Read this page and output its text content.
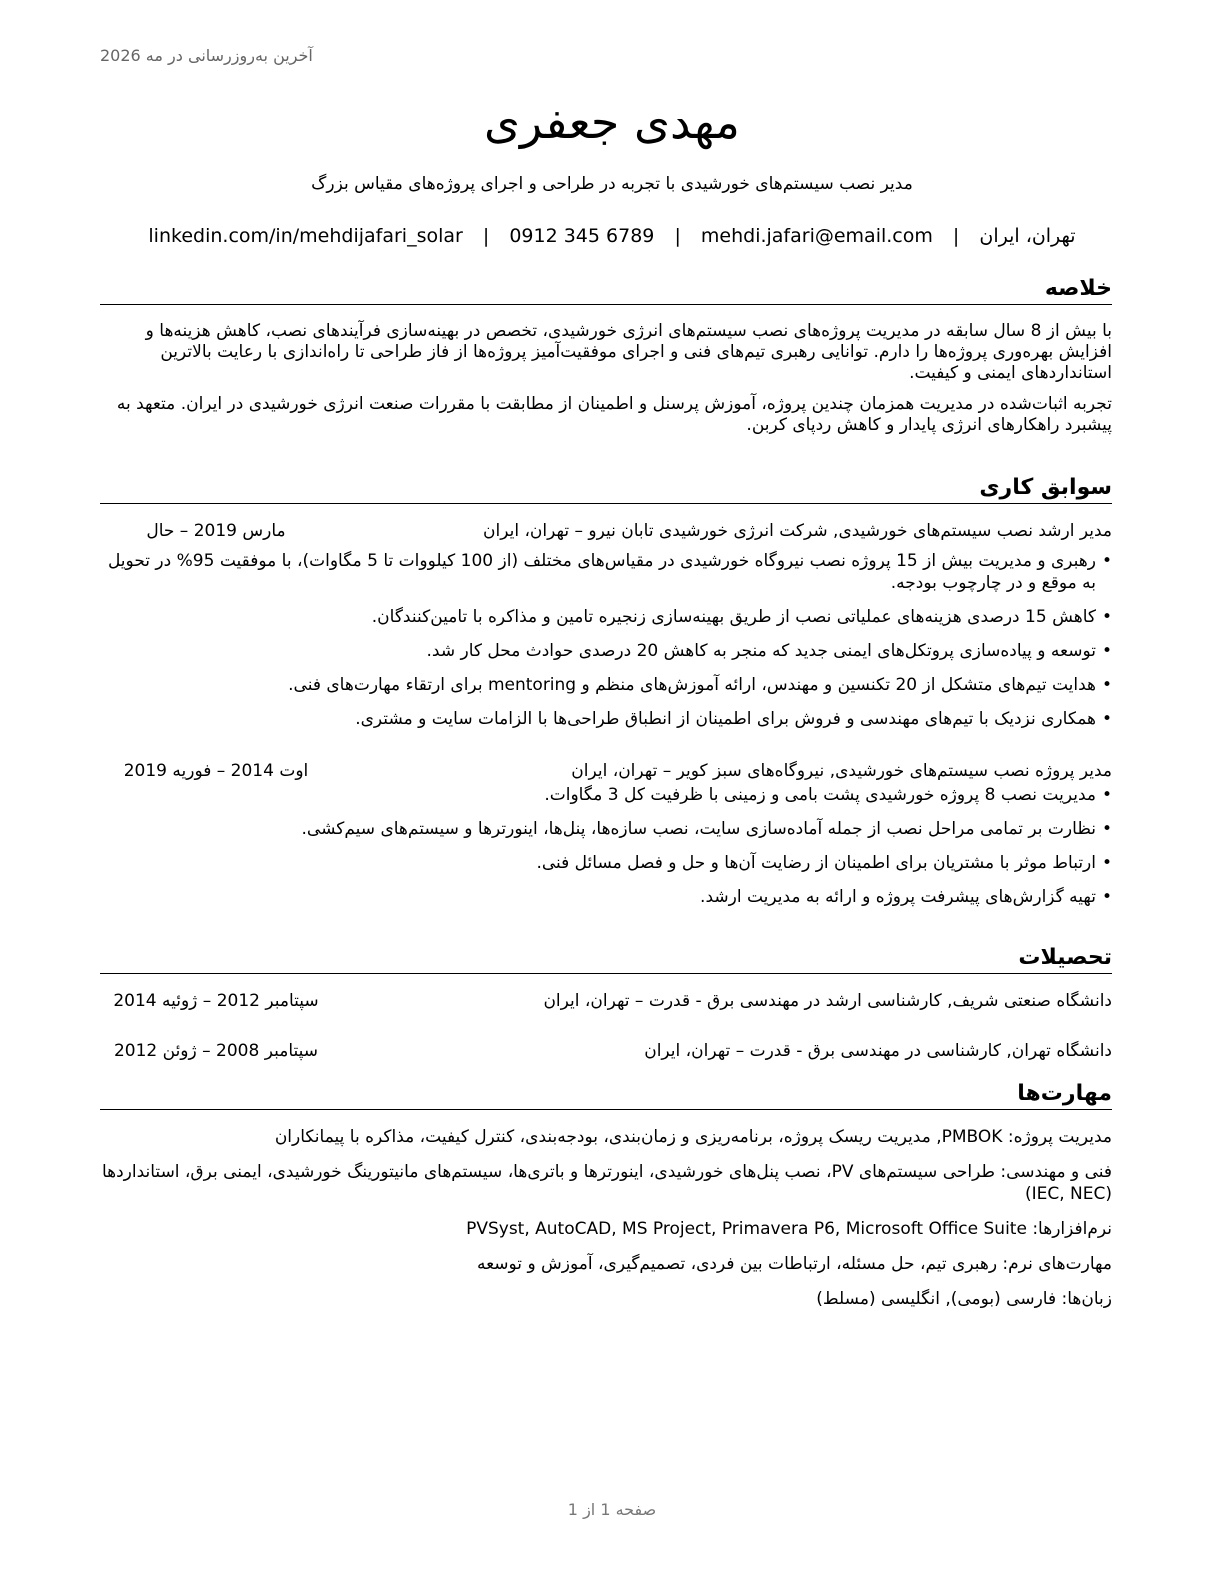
آخرین به‌روزرسانی در مه 2026
مهدی جعفری
مدیر نصب سیستم‌های خورشیدی با تجربه در طراحی و اجرای پروژه‌های مقیاس بزرگ
تهران، ایران | mehdi.jafari@email.com | 0912 345 6789 | linkedin.com/in/mehdijafari_solar
خلاصه

با بیش از 8 سال سابقه در مدیریت پروژه‌های نصب سیستم‌های انرژی خورشیدی، تخصص در بهینه‌سازی فرآیندهای نصب، کاهش هزینه‌ها و افزایش بهره‌وری پروژه‌ها را دارم. توانایی رهبری تیم‌های فنی و اجرای موفقیت‌آمیز پروژه‌ها از فاز طراحی تا راه‌اندازی با رعایت بالاترین استانداردهای ایمنی و کیفیت.

تجربه اثبات‌شده در مدیریت همزمان چندین پروژه، آموزش پرسنل و اطمینان از مطابقت با مقررات صنعت انرژی خورشیدی در ایران. متعهد به پیشبرد راهکارهای انرژی پایدار و کاهش ردپای کربن.

سوابق کاری
مدیر ارشد نصب سیستم‌های خورشیدی, شرکت انرژی خورشیدی تابان نیرو – تهران، ایران
مارس 2019 – حال
•
رهبری و مدیریت بیش از 15 پروژه نصب نیروگاه خورشیدی در مقیاس‌های مختلف (از 100 کیلووات تا 5 مگاوات)، با موفقیت 95% در تحویل به موقع و در چارچوب بودجه.
•
کاهش 15 درصدی هزینه‌های عملیاتی نصب از طریق بهینه‌سازی زنجیره تامین و مذاکره با تامین‌کنندگان.
•
توسعه و پیاده‌سازی پروتکل‌های ایمنی جدید که منجر به کاهش 20 درصدی حوادث محل کار شد.
•
هدایت تیم‌های متشکل از 20 تکنسین و مهندس، ارائه آموزش‌های منظم و mentoring برای ارتقاء مهارت‌های فنی.
•
همکاری نزدیک با تیم‌های مهندسی و فروش برای اطمینان از انطباق طراحی‌ها با الزامات سایت و مشتری.
مدیر پروژه نصب سیستم‌های خورشیدی, نیروگاه‌های سبز کویر – تهران، ایران
اوت 2014 – فوریه 2019
•
مدیریت نصب 8 پروژه خورشیدی پشت بامی و زمینی با ظرفیت کل 3 مگاوات.
•
نظارت بر تمامی مراحل نصب از جمله آماده‌سازی سایت، نصب سازه‌ها، پنل‌ها، اینورترها و سیستم‌های سیم‌کشی.
•
ارتباط موثر با مشتریان برای اطمینان از رضایت آن‌ها و حل و فصل مسائل فنی.
•
تهیه گزارش‌های پیشرفت پروژه و ارائه به مدیریت ارشد.
تحصیلات
دانشگاه صنعتی شریف, کارشناسی ارشد در مهندسی برق - قدرت – تهران، ایران
سپتامبر 2012 – ژوئیه 2014
دانشگاه تهران, کارشناسی در مهندسی برق - قدرت – تهران، ایران
سپتامبر 2008 – ژوئن 2012
مهارت‌ها
مدیریت پروژه: PMBOK, مدیریت ریسک پروژه، برنامه‌ریزی و زمان‌بندی، بودجه‌بندی، کنترل کیفیت، مذاکره با پیمانکاران
فنی و مهندسی: طراحی سیستم‌های PV، نصب پنل‌های خورشیدی، اینورترها و باتری‌ها، سیستم‌های مانیتورینگ خورشیدی، ایمنی برق، استانداردها (IEC, NEC)
نرم‌افزارها: PVSyst, AutoCAD, MS Project, Primavera P6, Microsoft Office Suite
مهارت‌های نرم: رهبری تیم، حل مسئله، ارتباطات بین فردی، تصمیم‌گیری، آموزش و توسعه
زبان‌ها: فارسی (بومی), انگلیسی (مسلط)
صفحه 1 از 1
